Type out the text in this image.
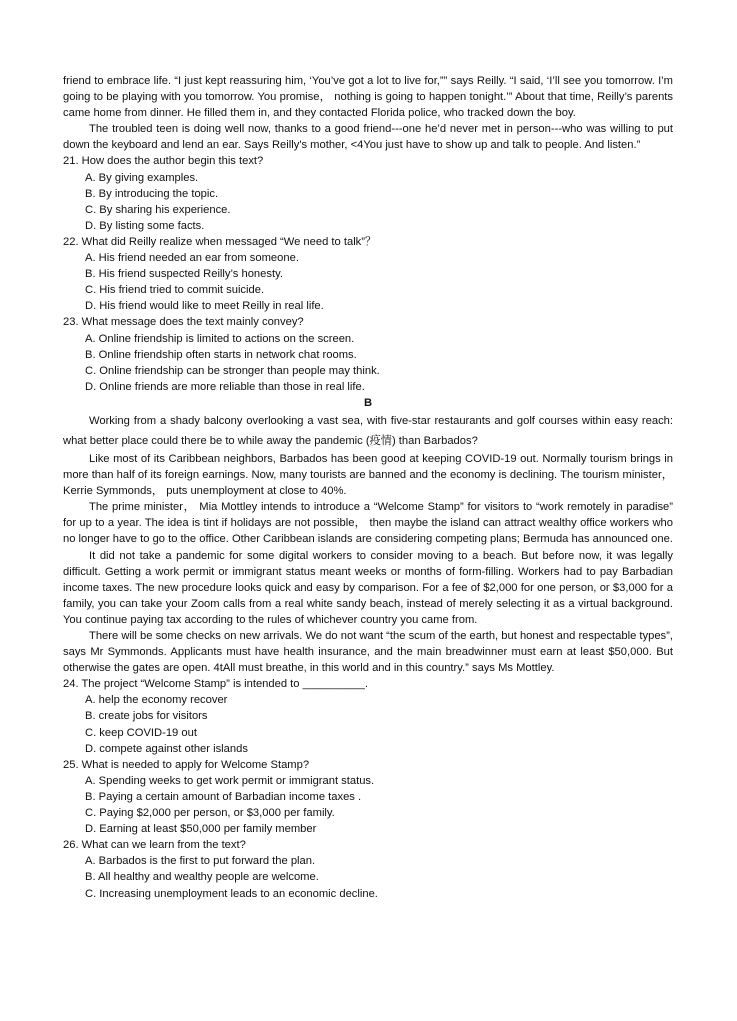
friend to embrace life. “I just kept reassuring him, ‘You’ve got a lot to live for,”” says Reilly. “I said, ‘I’ll see you tomorrow. I’m going to be playing with you tomorrow. You promise， nothing is going to happen tonight.’” About that time, Reilly’s parents came home from dinner. He filled them in, and they contacted Florida police, who tracked down the boy.

The troubled teen is doing well now, thanks to a good friend---one he’d never met in person---who was willing to put down the keyboard and lend an ear. Says Reilly's mother, <4You just have to show up and talk to people. And listen.”

21. How does the author begin this text?

A. By giving examples.

B. By introducing the topic.

C. By sharing his experience.

D. By listing some facts.

22. What did Reilly realize when messaged “We need to talk”？

A. His friend needed an ear from someone.

B. His friend suspected Reilly’s honesty.

C. His friend tried to commit suicide.

D. His friend would like to meet Reilly in real life.

23. What message does the text mainly convey?

A. Online friendship is limited to actions on the screen.

B. Online friendship often starts in network chat rooms.

C. Online friendship can be stronger than people may think.

D. Online friends are more reliable than those in real life.

B

Working from a shady balcony overlooking a vast sea, with five-star restaurants and golf courses within easy reach: what better place could there be to while away the pandemic (疫情) than Barbados?

Like most of its Caribbean neighbors, Barbados has been good at keeping COVID-19 out. Normally tourism brings in more than half of its foreign earnings. Now, many tourists are banned and the economy is declining. The tourism minister， Kerrie Symmonds， puts unemployment at close to 40%.

The prime minister， Mia Mottley intends to introduce a “Welcome Stamp” for visitors to “work remotely in paradise” for up to a year. The idea is tint if holidays are not possible， then maybe the island can attract wealthy office workers who no longer have to go to the office. Other Caribbean islands are considering competing plans; Bermuda has announced one.

It did not take a pandemic for some digital workers to consider moving to a beach. But before now, it was legally difficult. Getting a work permit or immigrant status meant weeks or months of form-filling. Workers had to pay Barbadian income taxes. The new procedure looks quick and easy by comparison. For a fee of $2,000 for one person, or $3,000 for a family, you can take your Zoom calls from a real white sandy beach, instead of merely selecting it as a virtual background. You continue paying tax according to the rules of whichever country you came from.

There will be some checks on new arrivals. We do not want “the scum of the earth, but honest and respectable types”, says Mr Symmonds. Applicants must have health insurance, and the main breadwinner must earn at least $50,000. But otherwise the gates are open. 4tAll must breathe, in this world and in this country.” says Ms Mottley.

24. The project “Welcome Stamp” is intended to __________.

A. help the economy recover

B. create jobs for visitors

C. keep COVID-19 out

D. compete against other islands

25. What is needed to apply for Welcome Stamp?

A. Spending weeks to get work permit or immigrant status.

B. Paying a certain amount of Barbadian income taxes .

C. Paying $2,000 per person, or $3,000 per family.

D. Earning at least $50,000 per family member

26. What can we learn from the text?

A. Barbados is the first to put forward the plan.

B. All healthy and wealthy people are welcome.

C. Increasing unemployment leads to an economic decline.
